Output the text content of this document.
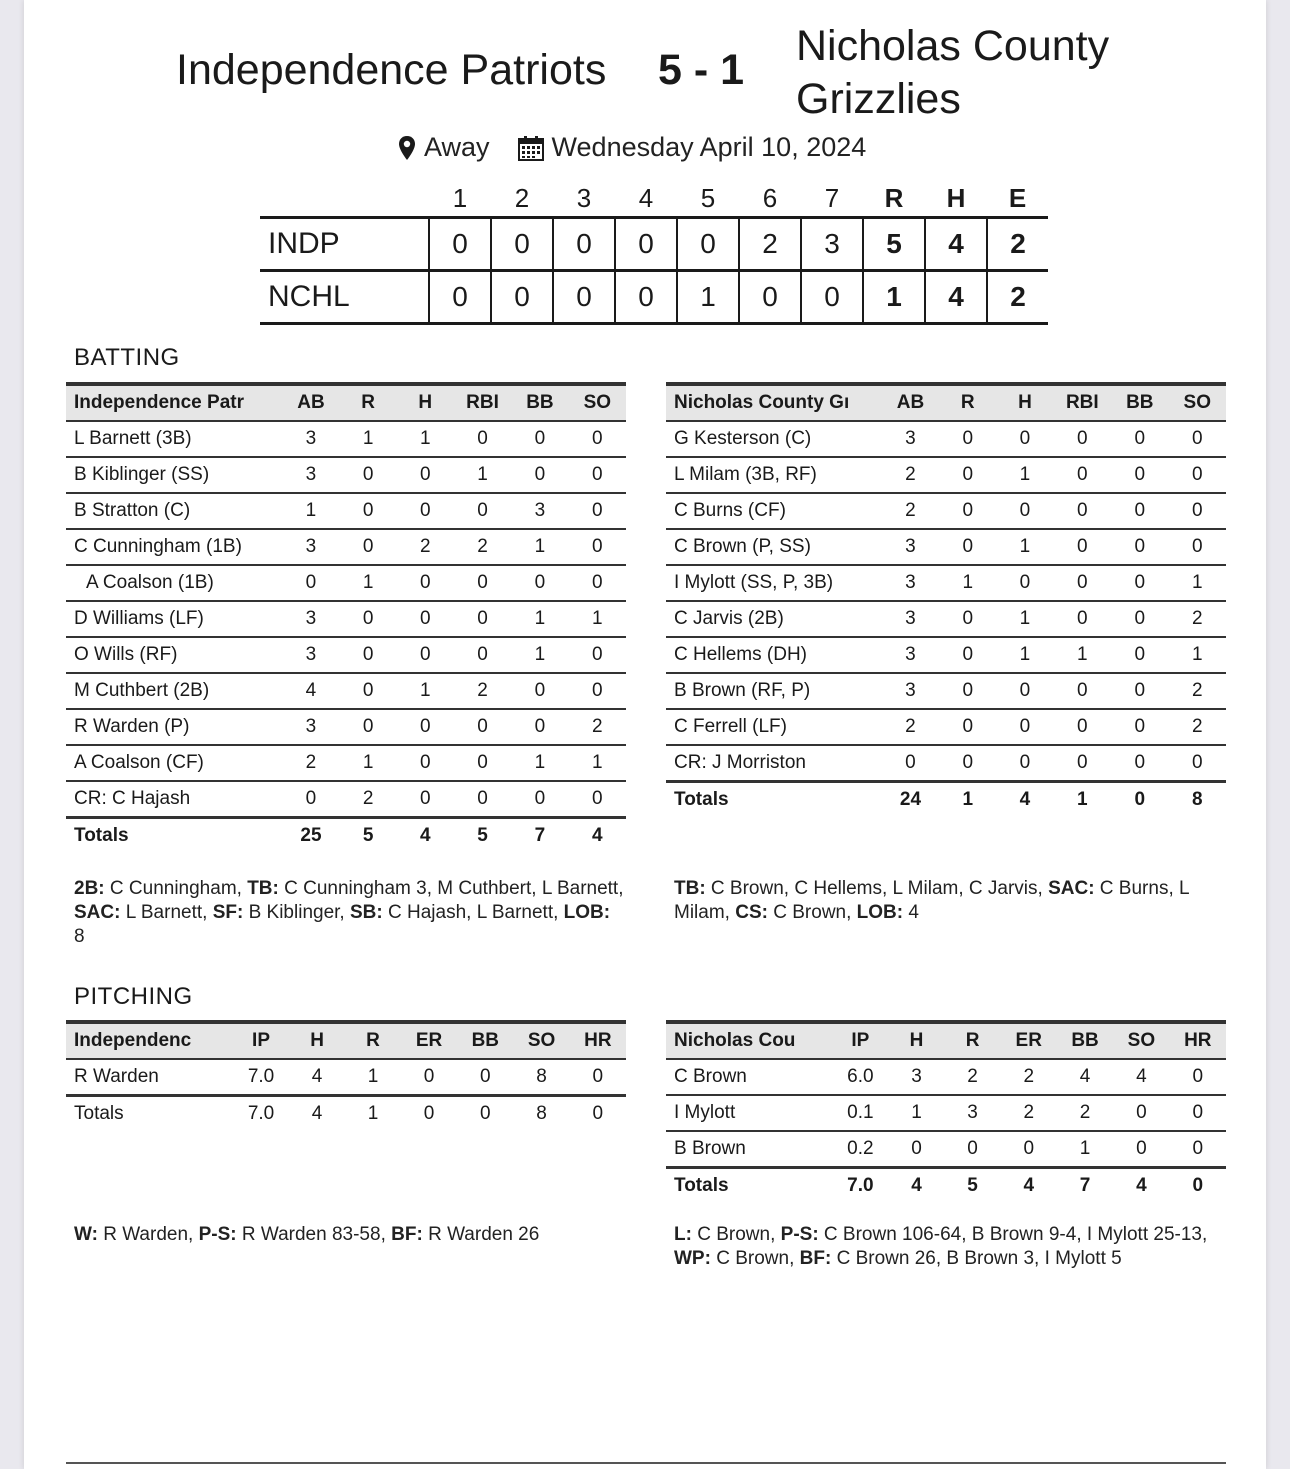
Independence Patriots 5 - 1 Nicholas County Grizzlies
Away Wednesday April 10, 2024
	1	2	3	4	5	6	7	R	H	E
INDP	0	0	0	0	0	2	3	5	4	2
NCHL	0	0	0	0	1	0	0	1	4	2
BATTING
Independence Patr	AB	R	H	RBI	BB	SO
L Barnett (3B)	3	1	1	0	0	0
B Kiblinger (SS)	3	0	0	1	0	0
B Stratton (C)	1	0	0	0	3	0
C Cunningham (1B)	3	0	2	2	1	0
A Coalson (1B)	0	1	0	0	0	0
D Williams (LF)	3	0	0	0	1	1
O Wills (RF)	3	0	0	0	1	0
M Cuthbert (2B)	4	0	1	2	0	0
R Warden (P)	3	0	0	0	0	2
A Coalson (CF)	2	1	0	0	1	1
CR: C Hajash	0	2	0	0	0	0
Totals	25	5	4	5	7	4
Nicholas County Gı	AB	R	H	RBI	BB	SO
G Kesterson (C)	3	0	0	0	0	0
L Milam (3B, RF)	2	0	1	0	0	0
C Burns (CF)	2	0	0	0	0	0
C Brown (P, SS)	3	0	1	0	0	0
I Mylott (SS, P, 3B)	3	1	0	0	0	1
C Jarvis (2B)	3	0	1	0	0	2
C Hellems (DH)	3	0	1	1	0	1
B Brown (RF, P)	3	0	0	0	0	2
C Ferrell (LF)	2	0	0	0	0	2
CR: J Morriston	0	0	0	0	0	0
Totals	24	1	4	1	0	8
2B: C Cunningham, TB: C Cunningham 3, M Cuthbert, L Barnett, SAC: L Barnett, SF: B Kiblinger, SB: C Hajash, L Barnett, LOB: 8
TB: C Brown, C Hellems, L Milam, C Jarvis, SAC: C Burns, L Milam, CS: C Brown, LOB: 4
PITCHING
Independenc	IP	H	R	ER	BB	SO	HR
R Warden	7.0	4	1	0	0	8	0
Totals	7.0	4	1	0	0	8	0
Nicholas Cou	IP	H	R	ER	BB	SO	HR
C Brown	6.0	3	2	2	4	4	0
I Mylott	0.1	1	3	2	2	0	0
B Brown	0.2	0	0	0	1	0	0
Totals	7.0	4	5	4	7	4	0
W: R Warden, P-S: R Warden 83-58, BF: R Warden 26	L: C Brown, P-S: C Brown 106-64, B Brown 9-4, I Mylott 25-13, WP: C Brown, BF: C Brown 26, B Brown 3, I Mylott 5
